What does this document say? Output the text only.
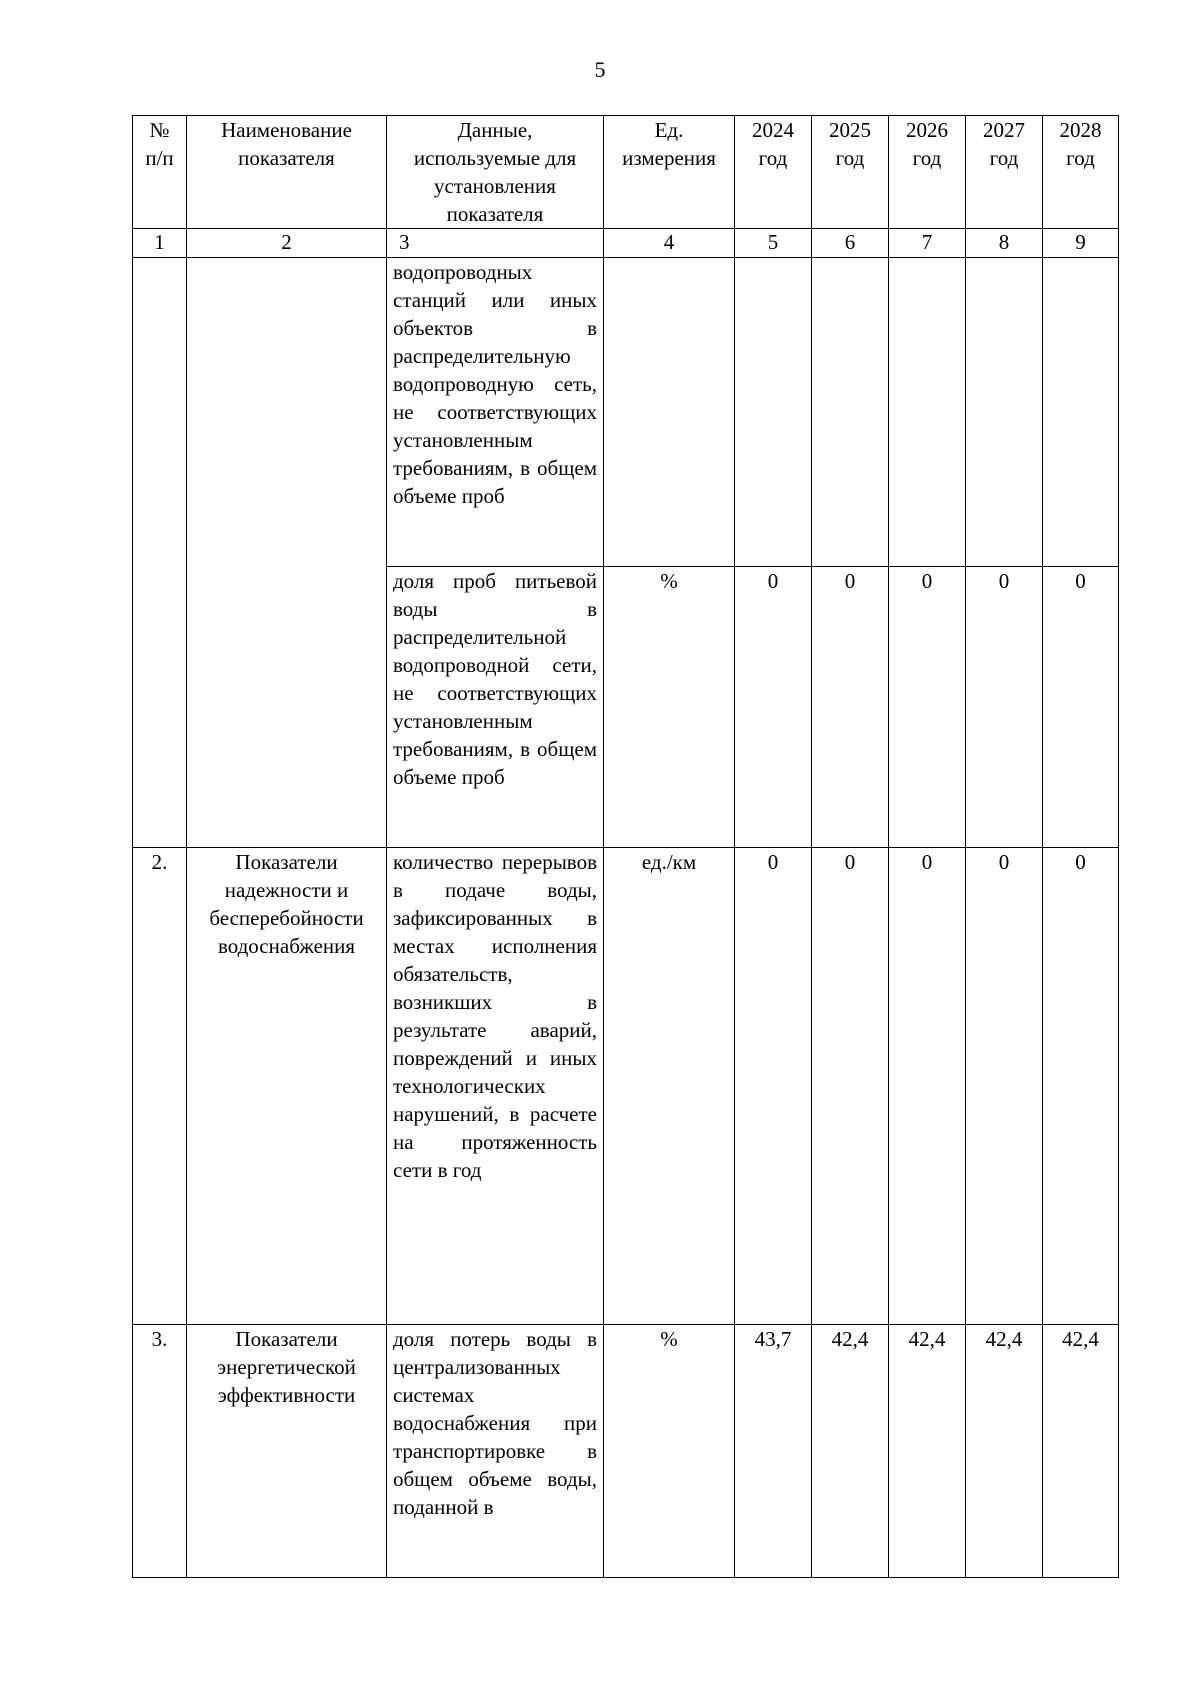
5
№ п/п	Наименование показателя	Данные, используемые для установления показателя	Ед. измерения	2024 год	2025 год	2026 год	2027 год	2028 год
1	2	3	4	5	6	7	8	9
		водопроводных станций или иных объектов в распределительную водопроводную сеть, не соответствующих установленным требованиям, в общем объеме проб						
		доля проб питьевой воды в распределительной водопроводной сети, не соответствующих установленным требованиям, в общем объеме проб	%	0	0	0	0	0
2.	Показатели надежности и бесперебойности водоснабжения	количество перерывов в подаче воды, зафиксированных в местах исполнения обязательств, возникших в результате аварий, повреждений и иных технологических нарушений, в расчете на протяженность сети в год	ед./км	0	0	0	0	0
3.	Показатели энергетической эффективности	доля потерь воды в централизованных системах водоснабжения при транспортировке в общем объеме воды, поданной в	%	43,7	42,4	42,4	42,4	42,4
